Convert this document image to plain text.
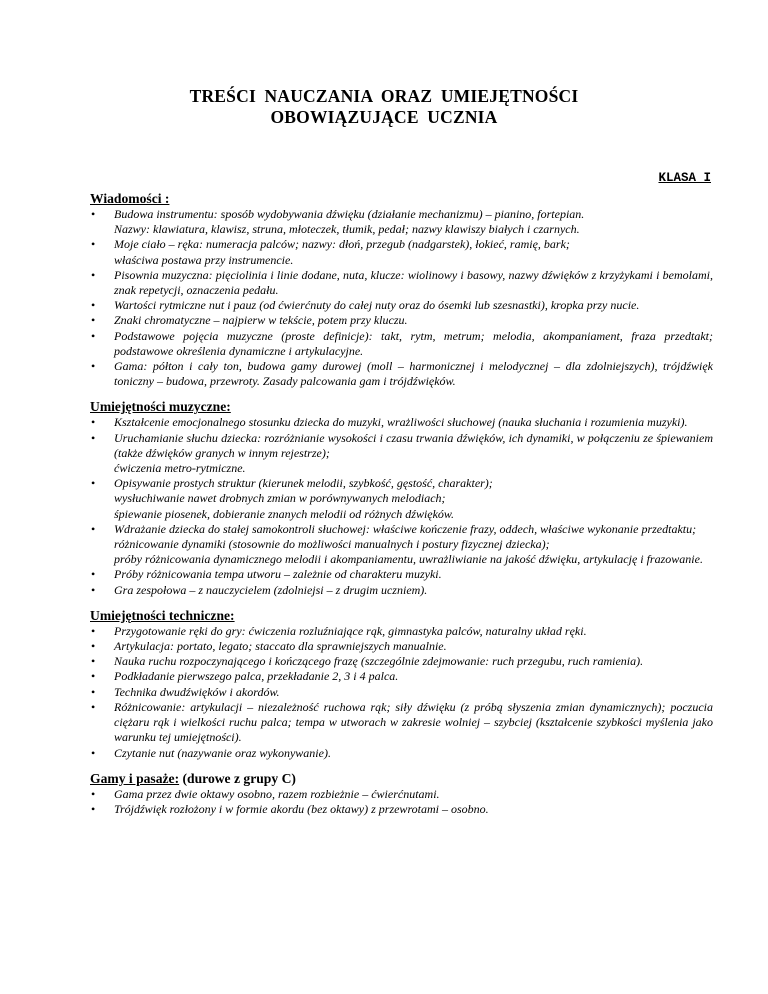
TREŚCI NAUCZANIA ORAZ UMIEJĘTNOŚCI
OBOWIĄZUJĄCE UCZNIA
KLASA I
Wiadomości :
• Budowa instrumentu: sposób wydobywania dźwięku (działanie mechanizmu) – pianino, fortepian.
Nazwy: klawiatura, klawisz, struna, młoteczek, tłumik, pedał; nazwy klawiszy białych i czarnych.
• Moje ciało – ręka: numeracja palców; nazwy: dłoń, przegub (nadgarstek), łokieć, ramię, bark;
właściwa postawa przy instrumencie.
• Pisownia muzyczna: pięciolinia i linie dodane, nuta, klucze: wiolinowy i basowy, nazwy dźwięków z krzyżykami i bemolami, znak repetycji, oznaczenia pedału.
• Wartości rytmiczne nut i pauz (od ćwierćnuty do całej nuty oraz do ósemki lub szesnastki), kropka przy nucie.
• Znaki chromatyczne – najpierw w tekście, potem przy kluczu.
• Podstawowe pojęcia muzyczne (proste definicje): takt, rytm, metrum; melodia, akompaniament, fraza przedtakt; podstawowe określenia dynamiczne i artykulacyjne.
• Gama: półton i cały ton, budowa gamy durowej (moll – harmonicznej i melodycznej – dla zdolniejszych), trójdźwięk toniczny – budowa, przewroty. Zasady palcowania gam i trójdźwięków.
Umiejętności muzyczne:
• Kształcenie emocjonalnego stosunku dziecka do muzyki, wrażliwości słuchowej (nauka słuchania i rozumienia muzyki).
• Uruchamianie słuchu dziecka: rozróżnianie wysokości i czasu trwania dźwięków, ich dynamiki, w połączeniu ze śpiewaniem (także dźwięków granych w innym rejestrze);
ćwiczenia metro-rytmiczne.
• Opisywanie prostych struktur (kierunek melodii, szybkość, gęstość, charakter);
wysłuchiwanie nawet drobnych zmian w porównywanych melodiach;
śpiewanie piosenek, dobieranie znanych melodii od różnych dźwięków.
• Wdrażanie dziecka do stałej samokontroli słuchowej: właściwe kończenie frazy, oddech, właściwe wykonanie przedtaktu;
różnicowanie dynamiki (stosownie do możliwości manualnych i postury fizycznej dziecka);
próby różnicowania dynamicznego melodii i akompaniamentu, uwrażliwianie na jakość dźwięku, artykulację i frazowanie.
• Próby różnicowania tempa utworu – zależnie od charakteru muzyki.
• Gra zespołowa – z nauczycielem (zdolniejsi – z drugim uczniem).
Umiejętności techniczne:
• Przygotowanie ręki do gry: ćwiczenia rozluźniające rąk, gimnastyka palców, naturalny układ ręki.
• Artykulacja: portato, legato; staccato dla sprawniejszych manualnie.
• Nauka ruchu rozpoczynającego i kończącego frazę (szczególnie zdejmowanie: ruch przegubu, ruch ramienia).
• Podkładanie pierwszego palca, przekładanie 2, 3 i 4 palca.
• Technika dwudźwięków i akordów.
• Różnicowanie: artykulacji – niezależność ruchowa rąk; siły dźwięku (z próbą słyszenia zmian dynamicznych); poczucia ciężaru rąk i wielkości ruchu palca; tempa w utworach w zakresie wolniej – szybciej (kształcenie szybkości myślenia jako warunku tej umiejętności).
• Czytanie nut (nazywanie oraz wykonywanie).
Gamy i pasaże: (durowe z grupy C)
• Gama przez dwie oktawy osobno, razem rozbieżnie – ćwierćnutami.
• Trójdźwięk rozłożony i w formie akordu (bez oktawy) z przewrotami – osobno.
